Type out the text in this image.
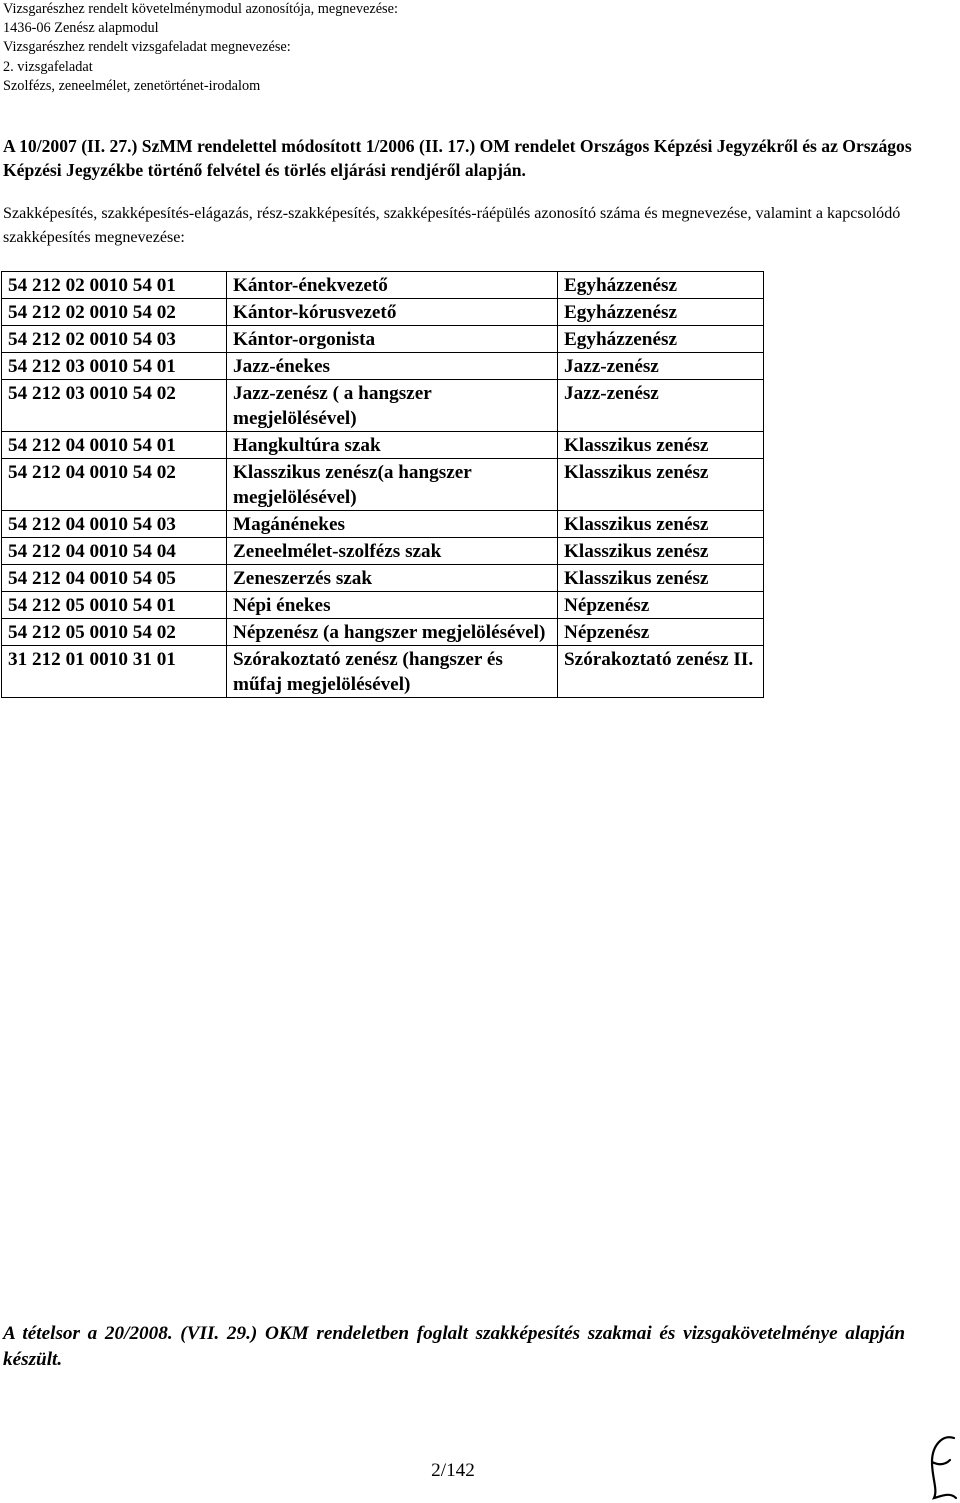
Vizsgarészhez rendelt követelménymodul azonosítója, megnevezése:
1436-06 Zenész alapmodul
Vizsgarészhez rendelt vizsgafeladat megnevezése:
2. vizsgafeladat
Szolfézs, zeneelmélet, zenetörténet-irodalom
A 10/2007 (II. 27.) SzMM rendelettel módosított 1/2006 (II. 17.) OM rendelet Országos Képzési Jegyzékről és az Országos Képzési Jegyzékbe történő felvétel és törlés eljárási rendjéről alapján.
Szakképesítés, szakképesítés-elágazás, rész-szakképesítés, szakképesítés-ráépülés azonosító száma és megnevezése, valamint a kapcsolódó szakképesítés megnevezése:
54 212 02 0010 54 01	Kántor-énekvezető	Egyházzenész
54 212 02 0010 54 02	Kántor-kórusvezető	Egyházzenész
54 212 02 0010 54 03	Kántor-orgonista	Egyházzenész
54 212 03 0010 54 01	Jazz-énekes	Jazz-zenész
54 212 03 0010 54 02	Jazz-zenész ( a hangszer megjelölésével)	Jazz-zenész
54 212 04 0010 54 01	Hangkultúra szak	Klasszikus zenész
54 212 04 0010 54 02	Klasszikus zenész(a hangszer megjelölésével)	Klasszikus zenész
54 212 04 0010 54 03	Magánénekes	Klasszikus zenész
54 212 04 0010 54 04	Zeneelmélet-szolfézs szak	Klasszikus zenész
54 212 04 0010 54 05	Zeneszerzés szak	Klasszikus zenész
54 212 05 0010 54 01	Népi énekes	Népzenész
54 212 05 0010 54 02	Népzenész (a hangszer megjelölésével)	Népzenész
31 212 01 0010 31 01	Szórakoztató zenész (hangszer és műfaj megjelölésével)	Szórakoztató zenész II.
A tételsor a 20/2008. (VII. 29.) OKM rendeletben foglalt szakképesítés szakmai és vizsgakövetelménye alapján készült.
2/142
